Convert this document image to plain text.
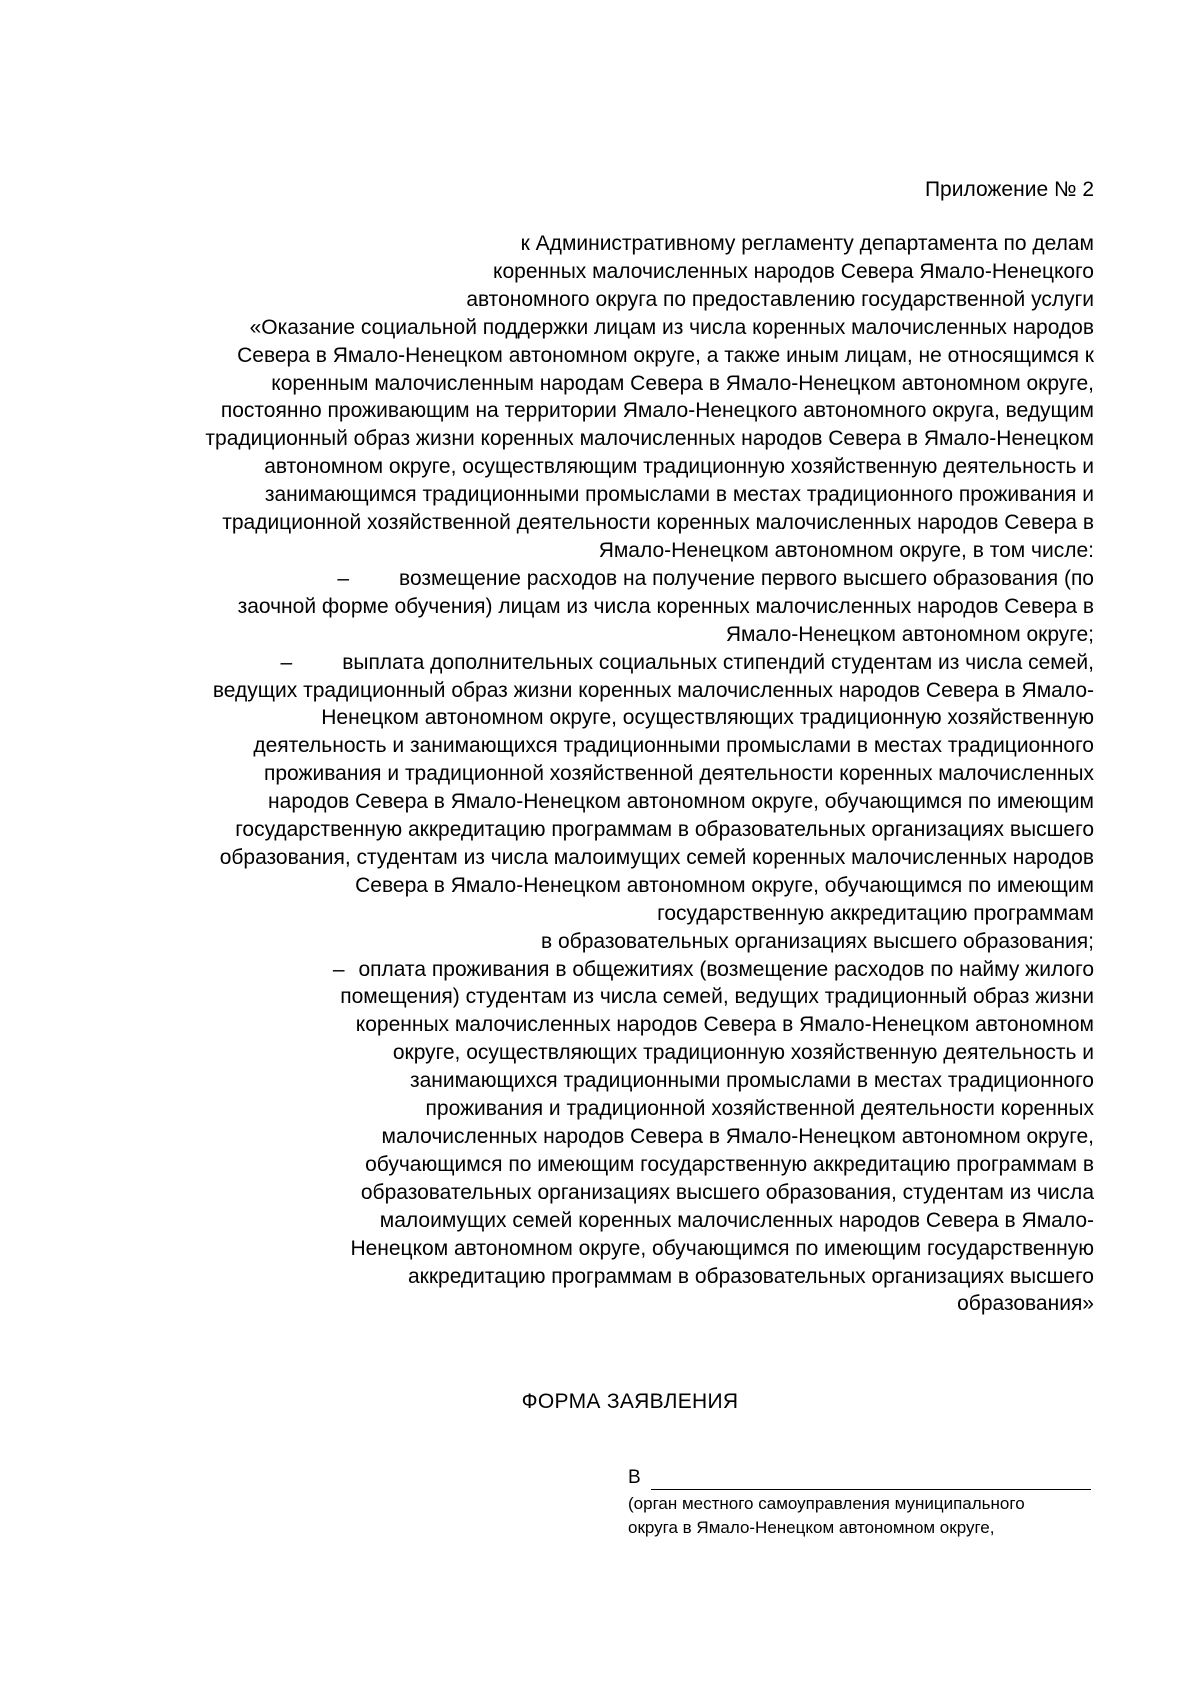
Приложение № 2
к Административному регламенту департамента по делам
коренных малочисленных народов Севера Ямало-Ненецкого
автономного округа по предоставлению государственной услуги
«Оказание социальной поддержки лицам из числа коренных малочисленных народов
Севера в Ямало-Ненецком автономном округе, а также иным лицам, не относящимся к
коренным малочисленным народам Севера в Ямало-Ненецком автономном округе,
постоянно проживающим на территории Ямало-Ненецкого автономного округа, ведущим
традиционный образ жизни коренных малочисленных народов Севера в Ямало-Ненецком
автономном округе, осуществляющим традиционную хозяйственную деятельность и
занимающимся традиционными промыслами в местах традиционного проживания и
традиционной хозяйственной деятельности коренных малочисленных народов Севера в
Ямало-Ненецком автономном округе, в том числе:
– возмещение расходов на получение первого высшего образования (по
заочной форме обучения) лицам из числа коренных малочисленных народов Севера в
Ямало-Ненецком автономном округе;
– выплата дополнительных социальных стипендий студентам из числа семей,
ведущих традиционный образ жизни коренных малочисленных народов Севера в Ямало-
Ненецком автономном округе, осуществляющих традиционную хозяйственную
деятельность и занимающихся традиционными промыслами в местах традиционного
проживания и традиционной хозяйственной деятельности коренных малочисленных
народов Севера в Ямало-Ненецком автономном округе, обучающимся по имеющим
государственную аккредитацию программам в образовательных организациях высшего
образования, студентам из числа малоимущих семей коренных малочисленных народов
Севера в Ямало-Ненецком автономном округе, обучающимся по имеющим
государственную аккредитацию программам
в образовательных организациях высшего образования;
– оплата проживания в общежитиях (возмещение расходов по найму жилого
помещения) студентам из числа семей, ведущих традиционный образ жизни
коренных малочисленных народов Севера в Ямало-Ненецком автономном
округе, осуществляющих традиционную хозяйственную деятельность и
занимающихся традиционными промыслами в местах традиционного
проживания и традиционной хозяйственной деятельности коренных
малочисленных народов Севера в Ямало-Ненецком автономном округе,
обучающимся по имеющим государственную аккредитацию программам в
образовательных организациях высшего образования, студентам из числа
малоимущих семей коренных малочисленных народов Севера в Ямало-
Ненецком автономном округе, обучающимся по имеющим государственную
аккредитацию программам в образовательных организациях высшего
образования»
ФОРМА ЗАЯВЛЕНИЯ
В
(орган местного самоуправления муниципального
округа в Ямало-Ненецком автономном округе,
